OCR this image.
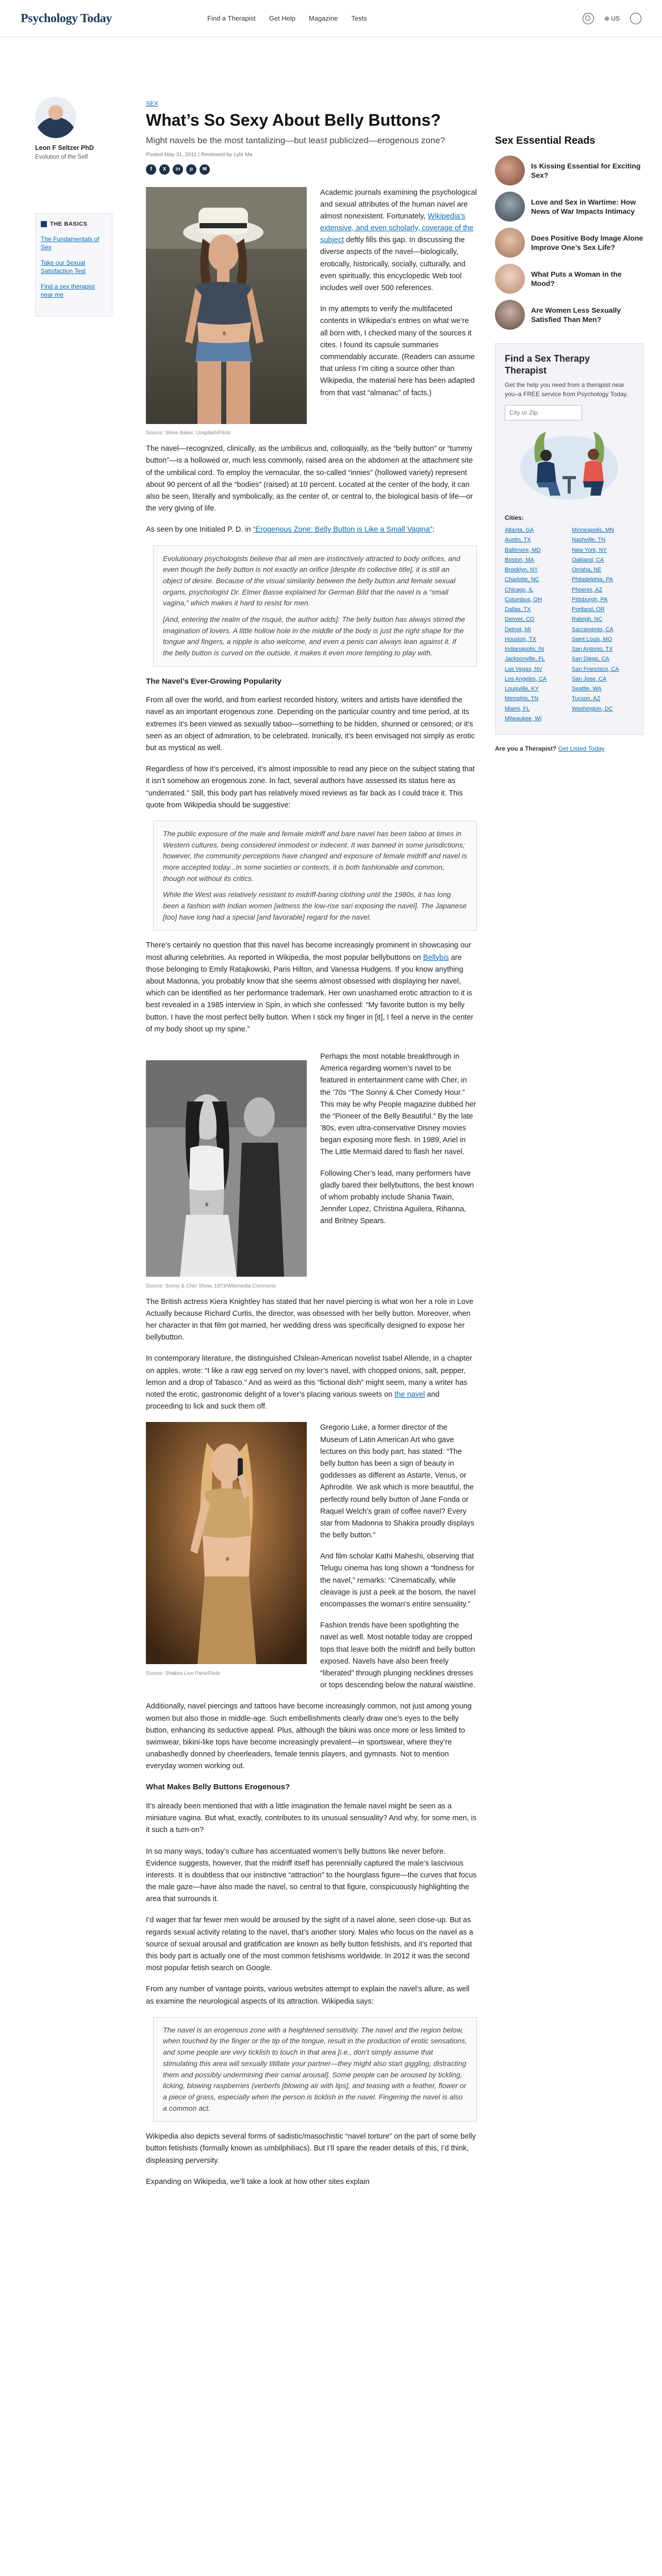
Psychology Today	Find a Therapist Get Help Magazine Tests	⊕ US
Leon F Seltzer PhD
Evolution of the Self
THE BASICS
The Fundamentals of Sex
Take our Sexual Satisfaction Test
Find a sex therapist near me
SEX
What’s So Sexy About Belly Buttons?
Might navels be the most tantalizing—but least publicized—erogenous zone?
Posted May 31, 2011 | Reviewed by Lybi Ma
f	X	in	p	✉
Source: Steve Baker, Unsplash/Flickr

Academic journals examining the psychological and sexual attributes of the human navel are almost nonexistent. Fortunately, Wikipedia’s extensive, and even scholarly, coverage of the subject deftly fills this gap. In discussing the diverse aspects of the navel—biologically, erotically, historically, socially, culturally, and even spiritually, this encyclopedic Web tool includes well over 500 references.

In my attempts to verify the multifaceted contents in Wikipedia’s entries on what we’re all born with, I checked many of the sources it cites. I found its capsule summaries commendably accurate. (Readers can assume that unless I’m citing a source other than Wikipedia, the material here has been adapted from that vast “almanac” of facts.)

The navel—recognized, clinically, as the umbilicus and, colloquially, as the “belly button” or “tummy button”—is a hollowed or, much less commonly, raised area on the abdomen at the attachment site of the umbilical cord. To employ the vernacular, the so-called “innies” (hollowed variety) represent about 90 percent of all the “bodies” (raised) at 10 percent. Located at the center of the body, it can also be seen, literally and symbolically, as the center of, or central to, the biological basis of life—or the very giving of life.

As seen by one Initialed P. D. in “Erogenous Zone: Belly Button is Like a Small Vagina”:

Evolutionary psychologists believe that all men are instinctively attracted to body orifices, and even though the belly button is not exactly an orifice [despite its collective title], it is still an object of desire. Because of the visual similarity between the belly button and female sexual organs, psychologist Dr. Elmer Basse explained for German Bild that the navel is a “small vagina,” which makes it hard to resist for men.

[And, entering the realm of the risqué, the author adds]: The belly button has always stirred the imagination of lovers. A little hollow hole in the middle of the body is just the right shape for the tongue and fingers, a nipple is also welcome, and even a penis can always lean against it. If the belly button is curved on the outside, it makes it even more tempting to play with.

The Navel’s Ever-Growing Popularity

From all over the world, and from earliest recorded history, writers and artists have identified the navel as an important erogenous zone. Depending on the particular country and time period, at its extremes it’s been viewed as sexually taboo—something to be hidden, shunned or censored; or it’s seen as an object of admiration, to be celebrated. Ironically, it’s been envisaged not simply as erotic but as mystical as well.

Regardless of how it’s perceived, it’s almost impossible to read any piece on the subject stating that it isn’t somehow an erogenous zone. In fact, several authors have assessed its status here as “underrated.” Still, this body part has relatively mixed reviews as far back as I could trace it. This quote from Wikipedia should be suggestive:

The public exposure of the male and female midriff and bare navel has been taboo at times in Western cultures, being considered immodest or indecent. It was banned in some jurisdictions; however, the community perceptions have changed and exposure of female midriff and navel is more accepted today...In some societies or contexts, it is both fashionable and common, though not without its critics.

While the West was relatively resistant to midriff-baring clothing until the 1980s, it has long been a fashion with Indian women [witness the low-rise sari exposing the navel]. The Japanese [too] have long had a special [and favorable] regard for the navel.

There’s certainly no question that this navel has become increasingly prominent in showcasing our most alluring celebrities. As reported in Wikipedia, the most popular bellybuttons on Bellybis are those belonging to Emily Ratajkowski, Paris Hilton, and Vanessa Hudgens. If you know anything about Madonna, you probably know that she seems almost obsessed with displaying her navel, which can be identified as her performance trademark. Her own unashamed erotic attraction to it is best revealed in a 1985 interview in Spin, in which she confessed: “My favorite button is my belly button. I have the most perfect belly button. When I stick my finger in [it], I feel a nerve in the center of my body shoot up my spine.”

Source: Sonny & Cher Show, 1973/Wikimedia Commons

Perhaps the most notable breakthrough in America regarding women’s navel to be featured in entertainment came with Cher, in the ’70s “The Sonny & Cher Comedy Hour.” This may be why People magazine dubbed her the “Pioneer of the Belly Beautiful.” By the late ’80s, even ultra-conservative Disney movies began exposing more flesh. In 1989, Ariel in The Little Mermaid dared to flash her navel.

Following Cher’s lead, many performers have gladly bared their bellybuttons, the best known of whom probably include Shania Twain, Jennifer Lopez, Christina Aguilera, Rihanna, and Britney Spears.

The British actress Kiera Knightley has stated that her navel piercing is what won her a role in Love Actually because Richard Curtis, the director, was obsessed with her belly button. Moreover, when her character in that film got married, her wedding dress was specifically designed to expose her bellybutton.

In contemporary literature, the distinguished Chilean-American novelist Isabel Allende, in a chapter on apples, wrote: “I like a raw egg served on my lover’s navel, with chopped onions, salt, pepper, lemon and a drop of Tabasco.” And as weird as this “fictional dish” might seem, many a writer has noted the erotic, gastronomic delight of a lover’s placing various sweets on the navel and proceeding to lick and suck them off.

Source: Shakira Live Paris/Flickr

Gregorio Luke, a former director of the Museum of Latin American Art who gave lectures on this body part, has stated: “The belly button has been a sign of beauty in goddesses as different as Astarte, Venus, or Aphrodite. We ask which is more beautiful, the perfectly round belly button of Jane Fonda or Raquel Welch’s grain of coffee navel? Every star from Madonna to Shakira proudly displays the belly button.”

And film scholar Kathi Maheshi, observing that Telugu cinema has long shown a “fondness for the navel,” remarks: “Cinematically, while cleavage is just a peek at the bosom, the navel encompasses the woman’s entire sensuality.”

Fashion trends have been spotlighting the navel as well. Most notable today are cropped tops that leave both the midriff and belly button exposed. Navels have also been freely “liberated” through plunging necklines dresses or tops descending below the natural waistline.

Additionally, navel piercings and tattoos have become increasingly common, not just among young women but also those in middle-age. Such embellishments clearly draw one’s eyes to the belly button, enhancing its seductive appeal. Plus, although the bikini was once more or less limited to swimwear, bikini-like tops have become increasingly prevalent—in sportswear, where they’re unabashedly donned by cheerleaders, female tennis players, and gymnasts. Not to mention everyday women working out.

What Makes Belly Buttons Erogenous?

It’s already been mentioned that with a little imagination the female navel might be seen as a miniature vagina. But what, exactly, contributes to its unusual sensuality? And why, for some men, is it such a turn-on?

In so many ways, today’s culture has accentuated women’s belly buttons like never before. Evidence suggests, however, that the midriff itself has perennially captured the male’s lascivious interests. It is doubtless that our instinctive “attraction” to the hourglass figure—the curves that focus the male gaze—have also made the navel, so central to that figure, conspicuously highlighting the area that surrounds it.

I’d wager that far fewer men would be aroused by the sight of a navel alone, seen close-up. But as regards sexual activity relating to the navel, that’s another story. Males who focus on the navel as a source of sexual arousal and gratification are known as belly button fetishists, and it’s reported that this body part is actually one of the most common fetishisms worldwide. In 2012 it was the second most popular fetish search on Google.

From any number of vantage points, various websites attempt to explain the navel’s allure, as well as examine the neurological aspects of its attraction. Wikipedia says:

The navel is an erogenous zone with a heightened sensitivity. The navel and the region below, when touched by the finger or the tip of the tongue, result in the production of erotic sensations, and some people are very ticklish to touch in that area [i.e., don’t simply assume that stimulating this area will sexually titillate your partner—they might also start giggling, distracting them and possibly undermining their carnal arousal]. Some people can be aroused by tickling, licking, blowing raspberries (verberfs [blowing air with lips], and teasing with a feather, flower or a piece of grass, especially when the person is ticklish in the navel. Fingering the navel is also a common act.

Wikipedia also depicts several forms of sadistic/masochistic “navel torture” on the part of some belly button fetishists (formally known as umbilphiliacs). But I’ll spare the reader details of this, I’d think, displeasing perversity.

Expanding on Wikipedia, we’ll take a look at how other sites explain

Sex Essential Reads
Is Kissing Essential for Exciting Sex?
Love and Sex in Wartime: How News of War Impacts Intimacy
Does Positive Body Image Alone Improve One’s Sex Life?
What Puts a Woman in the Mood?
Are Women Less Sexually Satisfied Than Men?
Find a Sex Therapy Therapist
Get the help you need from a therapist near you–a FREE service from Psychology Today.
City or Zip
Cities:
Atlanta, GA	Minneapolis, MN
Austin, TX	Nashville, TN
Baltimore, MD	New York, NY
Boston, MA	Oakland, CA
Brooklyn, NY	Omaha, NE
Charlotte, NC	Philadelphia, PA
Chicago, IL	Phoenix, AZ
Columbus, OH	Pittsburgh, PA
Dallas, TX	Portland, OR
Denver, CO	Raleigh, NC
Detroit, MI	Sacramento, CA
Houston, TX	Saint Louis, MO
Indianapolis, IN	San Antonio, TX
Jacksonville, FL	San Diego, CA
Las Vegas, NV	San Francisco, CA
Los Angeles, CA	San Jose, CA
Louisville, KY	Seattle, WA
Memphis, TN	Tucson, AZ
Miami, FL	Washington, DC
Milwaukee, WI
Are you a Therapist? Get Listed Today
